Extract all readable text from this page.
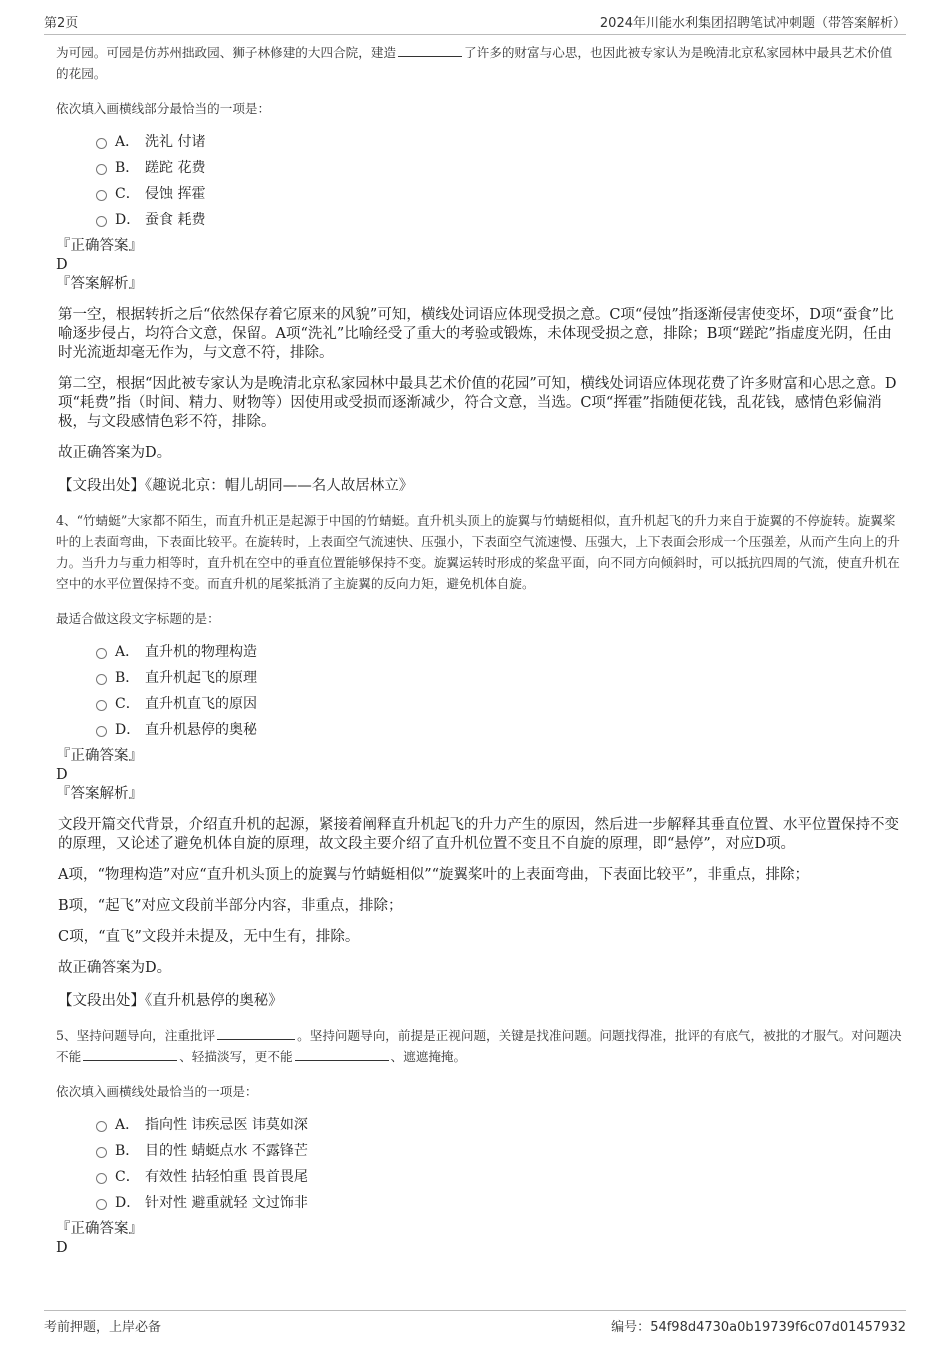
第2页	2024年川能水利集团招聘笔试冲刺题（带答案解析）

为可园。可园是仿苏州拙政园、狮子林修建的大四合院，建造	了许多的财富与心思，也因此被专家认为是晚清北京私家园林中最具艺术价值的花园。

依次填入画横线部分最恰当的一项是：

A． 洗礼 付诸
B． 蹉跎 花费
C． 侵蚀 挥霍
D． 蚕食 耗费

『正确答案』

D

『答案解析』

第一空，根据转折之后“依然保存着它原来的风貌”可知，横线处词语应体现受损之意。C项“侵蚀”指逐渐侵害使变坏，D项“蚕食”比喻逐步侵占，均符合文意，保留。A项“洗礼”比喻经受了重大的考验或锻炼，未体现受损之意，排除；B项“蹉跎”指虚度光阴，任由时光流逝却毫无作为，与文意不符，排除。

第二空，根据“因此被专家认为是晚清北京私家园林中最具艺术价值的花园”可知，横线处词语应体现花费了许多财富和心思之意。D项“耗费”指（时间、精力、财物等）因使用或受损而逐渐减少，符合文意，当选。C项“挥霍”指随便花钱，乱花钱，感情色彩偏消极，与文段感情色彩不符，排除。

故正确答案为D。

【文段出处】《趣说北京：帽儿胡同——名人故居林立》

4、“竹蜻蜓”大家都不陌生，而直升机正是起源于中国的竹蜻蜓。直升机头顶上的旋翼与竹蜻蜓相似，直升机起飞的升力来自于旋翼的不停旋转。旋翼桨叶的上表面弯曲，下表面比较平。在旋转时，上表面空气流速快、压强小，下表面空气流速慢、压强大，上下表面会形成一个压强差，从而产生向上的升力。当升力与重力相等时，直升机在空中的垂直位置能够保持不变。旋翼运转时形成的桨盘平面，向不同方向倾斜时，可以抵抗四周的气流，使直升机在空中的水平位置保持不变。而直升机的尾桨抵消了主旋翼的反向力矩，避免机体自旋。

最适合做这段文字标题的是：

A． 直升机的物理构造
B． 直升机起飞的原理
C． 直升机直飞的原因
D． 直升机悬停的奥秘

『正确答案』

D

『答案解析』

文段开篇交代背景，介绍直升机的起源，紧接着阐释直升机起飞的升力产生的原因，然后进一步解释其垂直位置、水平位置保持不变的原理，又论述了避免机体自旋的原理，故文段主要介绍了直升机位置不变且不自旋的原理，即“悬停”，对应D项。

A项，“物理构造”对应“直升机头顶上的旋翼与竹蜻蜓相似”“旋翼桨叶的上表面弯曲，下表面比较平”，非重点，排除；

B项，“起飞”对应文段前半部分内容，非重点，排除；

C项，“直飞”文段并未提及，无中生有，排除。

故正确答案为D。

【文段出处】《直升机悬停的奥秘》

5、坚持问题导向，注重批评	。坚持问题导向，前提是正视问题，关键是找准问题。问题找得准，批评的有底气，被批的才服气。对问题决不能	、轻描淡写，更不能	、遮遮掩掩。

依次填入画横线处最恰当的一项是：

A． 指向性 讳疾忌医 讳莫如深
B． 目的性 蜻蜓点水 不露锋芒
C． 有效性 拈轻怕重 畏首畏尾
D． 针对性 避重就轻 文过饰非

『正确答案』

D

考前押题，上岸必备	编号：54f98d4730a0b19739f6c07d01457932
